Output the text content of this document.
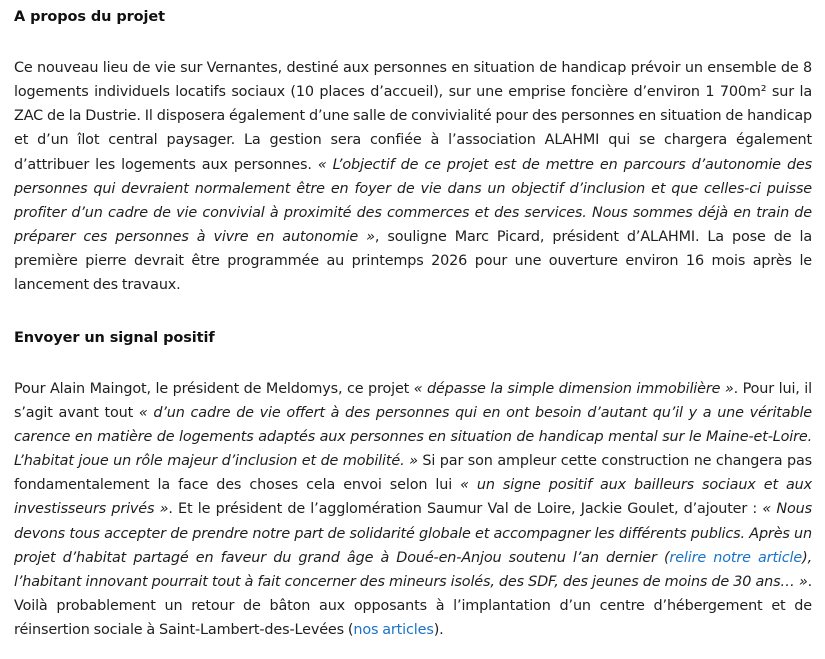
A propos du projet

Ce nouveau lieu de vie sur Vernantes, destiné aux personnes en situation de handicap prévoir un ensemble de 8 logements individuels locatifs sociaux (10 places d’accueil), sur une emprise foncière d’environ 1 700m² sur la ZAC de la Dustrie. Il disposera également d’une salle de convivialité pour des personnes en situation de handicap et d’un îlot central paysager. La gestion sera confiée à l’association ALAHMI qui se chargera également d’attribuer les logements aux personnes. « L’objectif de ce projet est de mettre en parcours d’autonomie des personnes qui devraient normalement être en foyer de vie dans un objectif d’inclusion et que celles-ci puisse profiter d’un cadre de vie convivial à proximité des commerces et des services. Nous sommes déjà en train de préparer ces personnes à vivre en autonomie », souligne Marc Picard, président d’ALAHMI. La pose de la première pierre devrait être programmée au printemps 2026 pour une ouverture environ 16 mois après le lancement des travaux.

Envoyer un signal positif

Pour Alain Maingot, le président de Meldomys, ce projet « dépasse la simple dimension immobilière ». Pour lui, il s’agit avant tout « d’un cadre de vie offert à des personnes qui en ont besoin d’autant qu’il y a une véritable carence en matière de logements adaptés aux personnes en situation de handicap mental sur le Maine-et-Loire. L’habitat joue un rôle majeur d’inclusion et de mobilité. » Si par son ampleur cette construction ne changera pas fondamentalement la face des choses cela envoi selon lui « un signe positif aux bailleurs sociaux et aux investisseurs privés ». Et le président de l’agglomération Saumur Val de Loire, Jackie Goulet, d’ajouter : « Nous devons tous accepter de prendre notre part de solidarité globale et accompagner les différents publics. Après un projet d’habitat partagé en faveur du grand âge à Doué-en-Anjou soutenu l’an dernier (relire notre article), l’habitant innovant pourrait tout à fait concerner des mineurs isolés, des SDF, des jeunes de moins de 30 ans… ». Voilà probablement un retour de bâton aux opposants à l’implantation d’un centre d’hébergement et de réinsertion sociale à Saint-Lambert-des-Levées (nos articles).
